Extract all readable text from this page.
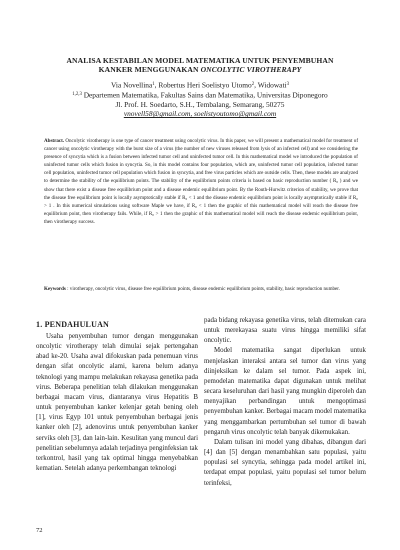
ANALISA KESTABILAN MODEL MATEMATIKA UNTUK PENYEMBUHAN
KANKER MENGGUNAKAN ONCOLYTIC VIROTHERAPY
Via Novellina$^1$, Robertus Heri Soelistyo Utomo$^2$, Widowati$^3$
$^{1,2,3}$ Departemen Matematika, Fakultas Sains dan Matematika, Universitas Diponegoro
Jl. Prof. H. Soedarto, S.H., Tembalang, Semarang, 50275
vnovell58@gmail.com, soelistyoutomo@gmail.com
Abstract. Oncolytic virotherapy is one type of cancer treatment using oncolytic virus. In this paper, we will present a mathematical model for treatment of cancer using oncolytic virotherapy with the burst size of a virus (the number of new viruses released from lysis of an infected cell) and we considering the presence of syncytia which is a fusion between infected tumor cell and uninfected tumor cell. In this mathematical model we introduced the population of uninfected tumor cells which fusion in syncytia. So, in this model contains four population, which are, uninfected tumor cell population, infected tumor cell population, uninfected tumor cell population which fusion in syncytia, and free virus particles which are outside cells. Then, these models are analyzed to determine the stability of the equilibrium points. The stability of the equilibrium points criteria is based on basic reproduction number ( R₀ ) and we show that there exist a disease free equilibrium point and a disease endemic equilibrium point. By the Routh-Hurwitz criterion of stability, we prove that the disease free equilibrium point is locally asymptotically stable if R₀ < 1 and the disease endemic equilibrium point is locally asymptotically stable if R₀ > 1 . In this numerical simulations using software Maple we have, if R₀ < 1 then the graphic of this mathematical model will reach the disease free equilibrium point, then virotherapy fails. While, if R₀ > 1 then the graphic of this mathematical model will reach the disease endemic equilibrium point, then virotherapy success.
Keywords : virotherapy, oncolytic virus, disease free equilibrium points, disease endemic equilibrium points, stability, basic reproduction number.
1. PENDAHULUAN

Usaha penyembuhan tumor dengan menggunakan oncolytic virotherapy telah dimulai sejak pertengahan abad ke-20. Usaha awal difokuskan pada penemuan virus dengan sifat oncolytic alami, karena belum adanya teknologi yang mampu melakukan rekayasa genetika pada virus. Beberapa penelitian telah dilakukan menggunakan berbagai macam virus, diantaranya virus Hepatitis B untuk penyembuhan kanker kelenjar getah bening oleh [1], virus Egyp 101 untuk penyembuhan berbagai jenis kanker oleh [2], adenovirus untuk penyembuhan kanker serviks oleh [3], dan lain-lain. Kesulitan yang muncul dari penelitian sebelumnya adalah terjadinya penginfeksian tak terkontrol, hasil yang tak optimal hingga menyebabkan kematian. Setelah adanya perkembangan teknologi

pada bidang rekayasa genetika virus, telah ditemukan cara untuk merekayasa suatu virus hingga memiliki sifat oncolytic.

Model matematika sangat diperlukan untuk menjelaskan interaksi antara sel tumor dan virus yang diinjeksikan ke dalam sel tumor. Pada aspek ini, pemodelan matematika dapat digunakan untuk melihat secara keseluruhan dari hasil yang mungkin diperoleh dan menyajikan perbandingan untuk mengoptimasi penyembuhan kanker. Berbagai macam model matematika yang menggambarkan pertumbuhan sel tumor di bawah pengaruh virus oncolytic telah banyak dikemukakan.

Dalam tulisan ini model yang dibahas, dibangun dari [4] dan [5] dengan menambahkan satu populasi, yaitu populasi sel syncytia, sehingga pada model artikel ini, terdapat empat populasi, yaitu populasi sel tumor belum terinfeksi,

72
